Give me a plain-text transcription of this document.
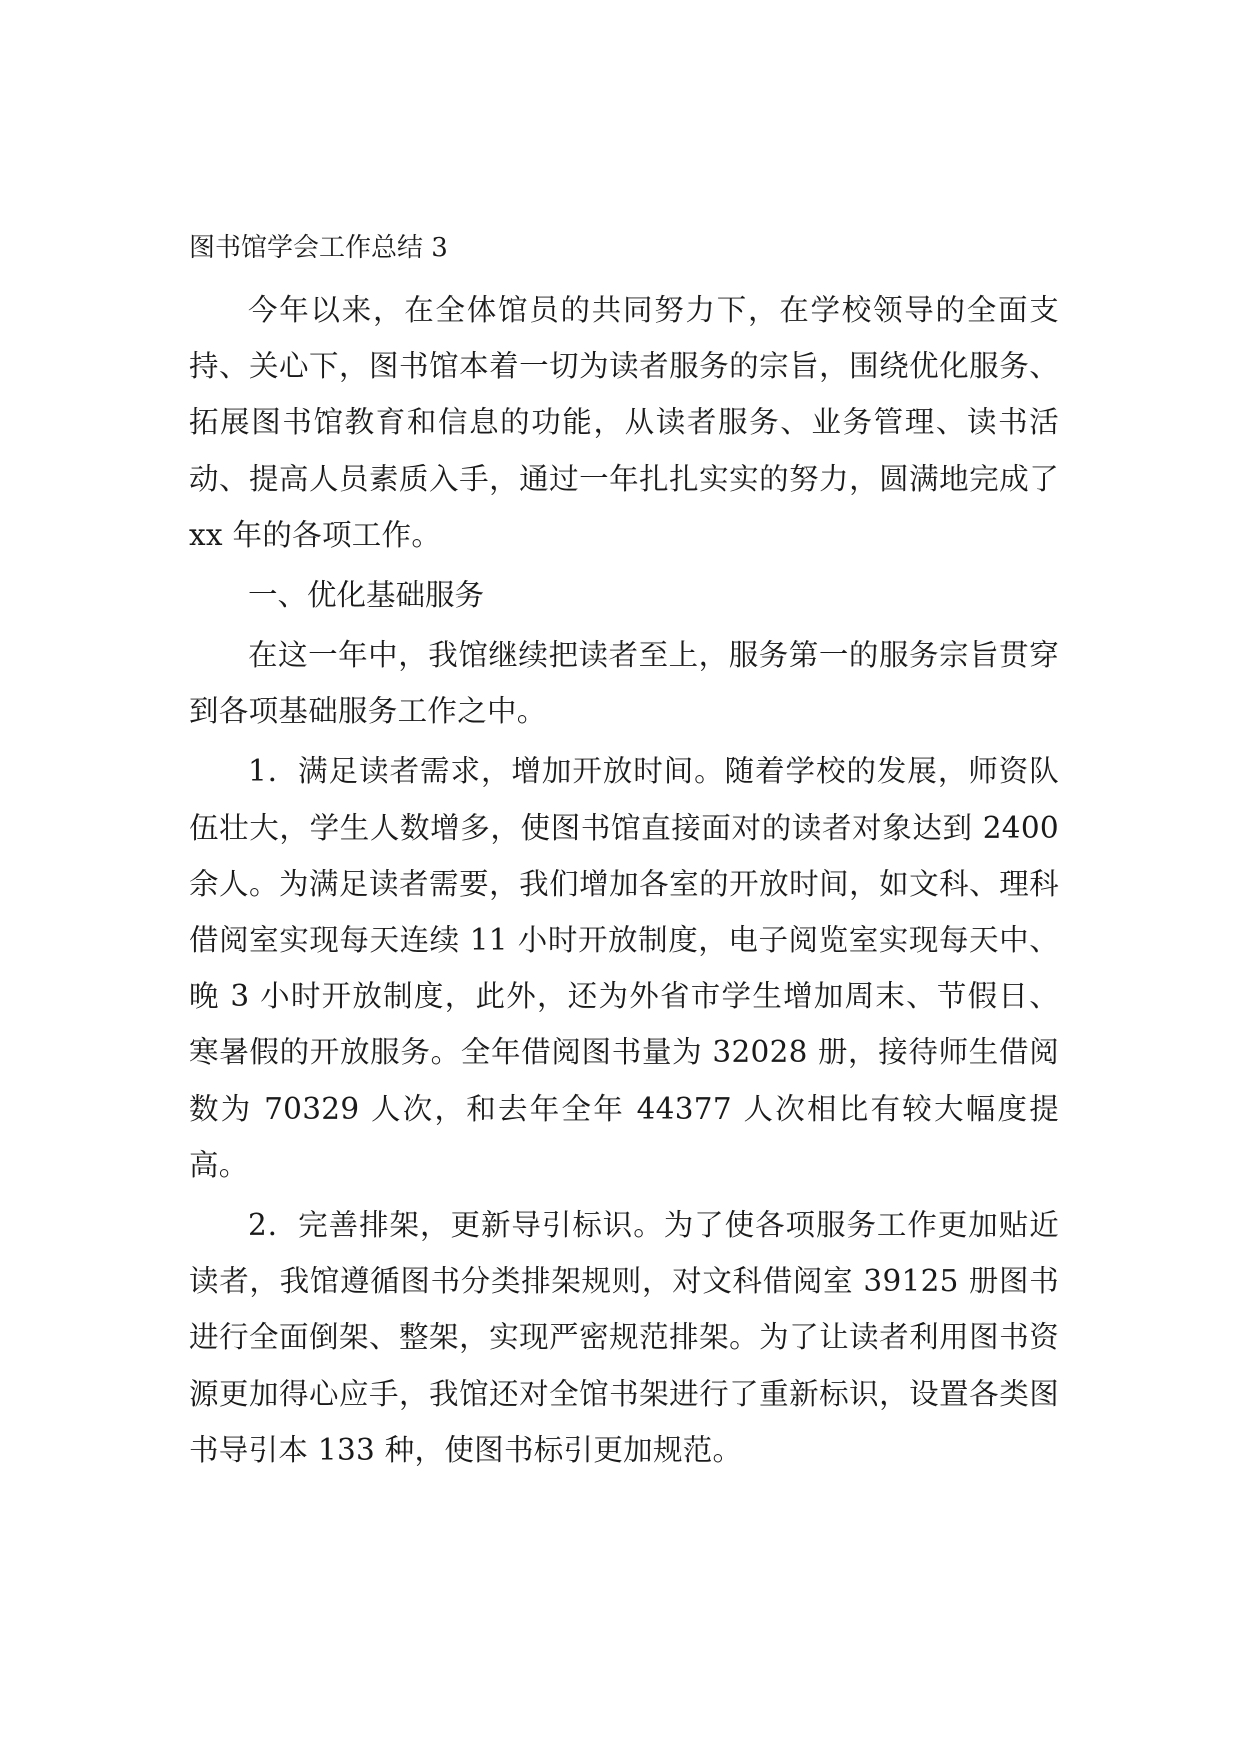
图书馆学会工作总结 3

今年以来，在全体馆员的共同努力下，在学校领导的全面支持、关心下，图书馆本着一切为读者服务的宗旨，围绕优化服务、拓展图书馆教育和信息的功能，从读者服务、业务管理、读书活动、提高人员素质入手，通过一年扎扎实实的努力，圆满地完成了 xx 年的各项工作。

一、优化基础服务

在这一年中，我馆继续把读者至上，服务第一的服务宗旨贯穿到各项基础服务工作之中。

1．满足读者需求，增加开放时间。随着学校的发展，师资队伍壮大，学生人数增多，使图书馆直接面对的读者对象达到 2400 余人。为满足读者需要，我们增加各室的开放时间，如文科、理科借阅室实现每天连续 11 小时开放制度，电子阅览室实现每天中、晚 3 小时开放制度，此外，还为外省市学生增加周末、节假日、寒暑假的开放服务。全年借阅图书量为 32028 册，接待师生借阅数为 70329 人次，和去年全年 44377 人次相比有较大幅度提高。

2．完善排架，更新导引标识。为了使各项服务工作更加贴近读者，我馆遵循图书分类排架规则，对文科借阅室 39125 册图书进行全面倒架、整架，实现严密规范排架。为了让读者利用图书资源更加得心应手，我馆还对全馆书架进行了重新标识，设置各类图书导引本 133 种，使图书标引更加规范。
